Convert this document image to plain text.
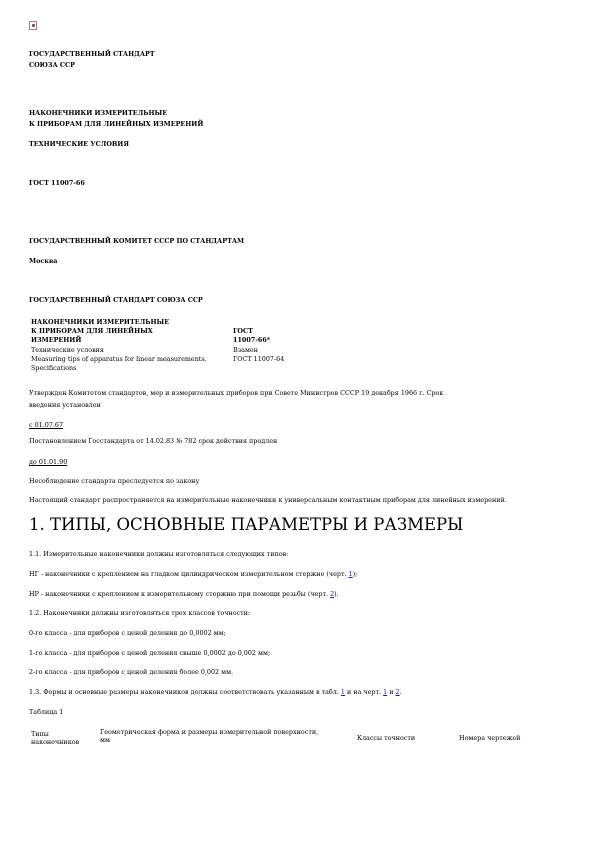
ГОСУДАРСТВЕННЫЙ СТАНДАРТ
СОЮЗА ССР
НАКОНЕЧНИКИ ИЗМЕРИТЕЛЬНЫЕ
К ПРИБОРАМ ДЛЯ ЛИНЕЙНЫХ ИЗМЕРЕНИЙ
ТЕХНИЧЕСКИЕ УСЛОВИЯ
ГОСТ 11007-66
ГОСУДАРСТВЕННЫЙ КОМИТЕТ СССР ПО СТАНДАРТАМ
Москва
ГОСУДАРСТВЕННЫЙ СТАНДАРТ СОЮЗА ССР
НАКОНЕЧНИКИ ИЗМЕРИТЕЛЬНЫЕ
К ПРИБОРАМ ДЛЯ ЛИНЕЙНЫХ
ИЗМЕРЕНИЙ
Технические условия
Measuring tips of apparatus for linear measurements.
Specifications
ГОСТ
11007-66*
Взамен
ГОСТ 11007-64
Утвержден Комитетом стандартов, мер и измерительных приборов при Совете Министров СССР 19 декабря 1966 г. Срок
введения установлен
с 01.07.67
Постановлением Госстандарта от 14.02.83 № 782 срок действия продлен
до 01.01.90
Несоблюдение стандарта преследуется по закону
Настоящий стандарт распространяется на измерительные наконечники к универсальным контактным приборам для линейных измерений.
1. ТИПЫ, ОСНОВНЫЕ ПАРАМЕТРЫ И РАЗМЕРЫ
1.1. Измерительные наконечники должны изготовляться следующих типов:
НГ - наконечники с креплением на гладком цилиндрическом измерительном стержне (черт. 1);
НР - наконечники с креплением к измерительному стержню при помощи резьбы (черт. 2).
1.2. Наконечники должны изготовляться трех классов точности:
0-го класса - для приборов с ценой деления до 0,0002 мм;
1-го класса - для приборов с ценой деления свыше 0,0002 до 0,002 мм;
2-го класса - для приборов с ценой деления более 0,002 мм.
1.3. Формы и основные размеры наконечников должны соответствовать указанным в табл. 1 и на черт. 1 и 2.
Таблица 1
Типы
наконечников
Геометрическая форма и размеры измерительной поверхности,
мм	Классы точности	Номера чертежей
